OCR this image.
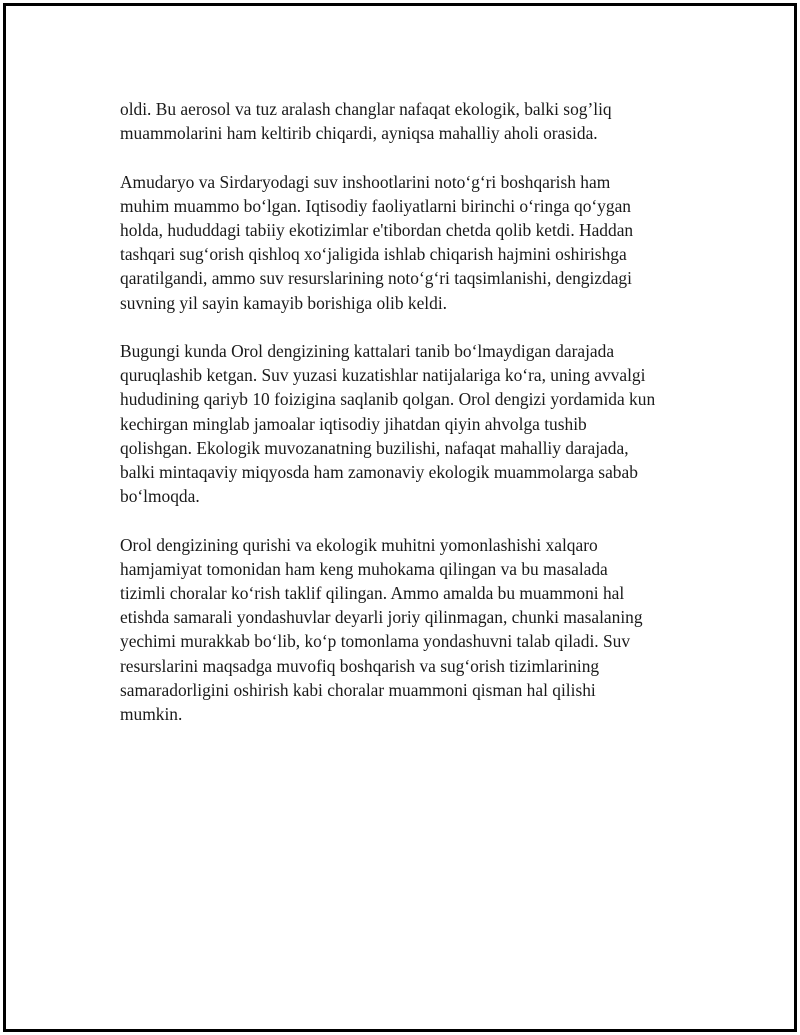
oldi. Bu aerosol va tuz aralash changlar nafaqat ekologik, balki sog’liq
muammolarini ham keltirib chiqardi, ayniqsa mahalliy aholi orasida.

Amudaryo va Sirdaryodagi suv inshootlarini noto‘g‘ri boshqarish ham
muhim muammo bo‘lgan. Iqtisodiy faoliyatlarni birinchi o‘ringa qo‘ygan
holda, hududdagi tabiiy ekotizimlar e'tibordan chetda qolib ketdi. Haddan
tashqari sug‘orish qishloq xo‘jaligida ishlab chiqarish hajmini oshirishga
qaratilgandi, ammo suv resurslarining noto‘g‘ri taqsimlanishi, dengizdagi
suvning yil sayin kamayib borishiga olib keldi.

Bugungi kunda Orol dengizining kattalari tanib bo‘lmaydigan darajada
quruqlashib ketgan. Suv yuzasi kuzatishlar natijalariga ko‘ra, uning avvalgi
hududining qariyb 10 foizigina saqlanib qolgan. Orol dengizi yordamida kun
kechirgan minglab jamoalar iqtisodiy jihatdan qiyin ahvolga tushib
qolishgan. Ekologik muvozanatning buzilishi, nafaqat mahalliy darajada,
balki mintaqaviy miqyosda ham zamonaviy ekologik muammolarga sabab
bo‘lmoqda.

Orol dengizining qurishi va ekologik muhitni yomonlashishi xalqaro
hamjamiyat tomonidan ham keng muhokama qilingan va bu masalada
tizimli choralar ko‘rish taklif qilingan. Ammo amalda bu muammoni hal
etishda samarali yondashuvlar deyarli joriy qilinmagan, chunki masalaning
yechimi murakkab bo‘lib, ko‘p tomonlama yondashuvni talab qiladi. Suv
resurslarini maqsadga muvofiq boshqarish va sug‘orish tizimlarining
samaradorligini oshirish kabi choralar muammoni qisman hal qilishi
mumkin.
